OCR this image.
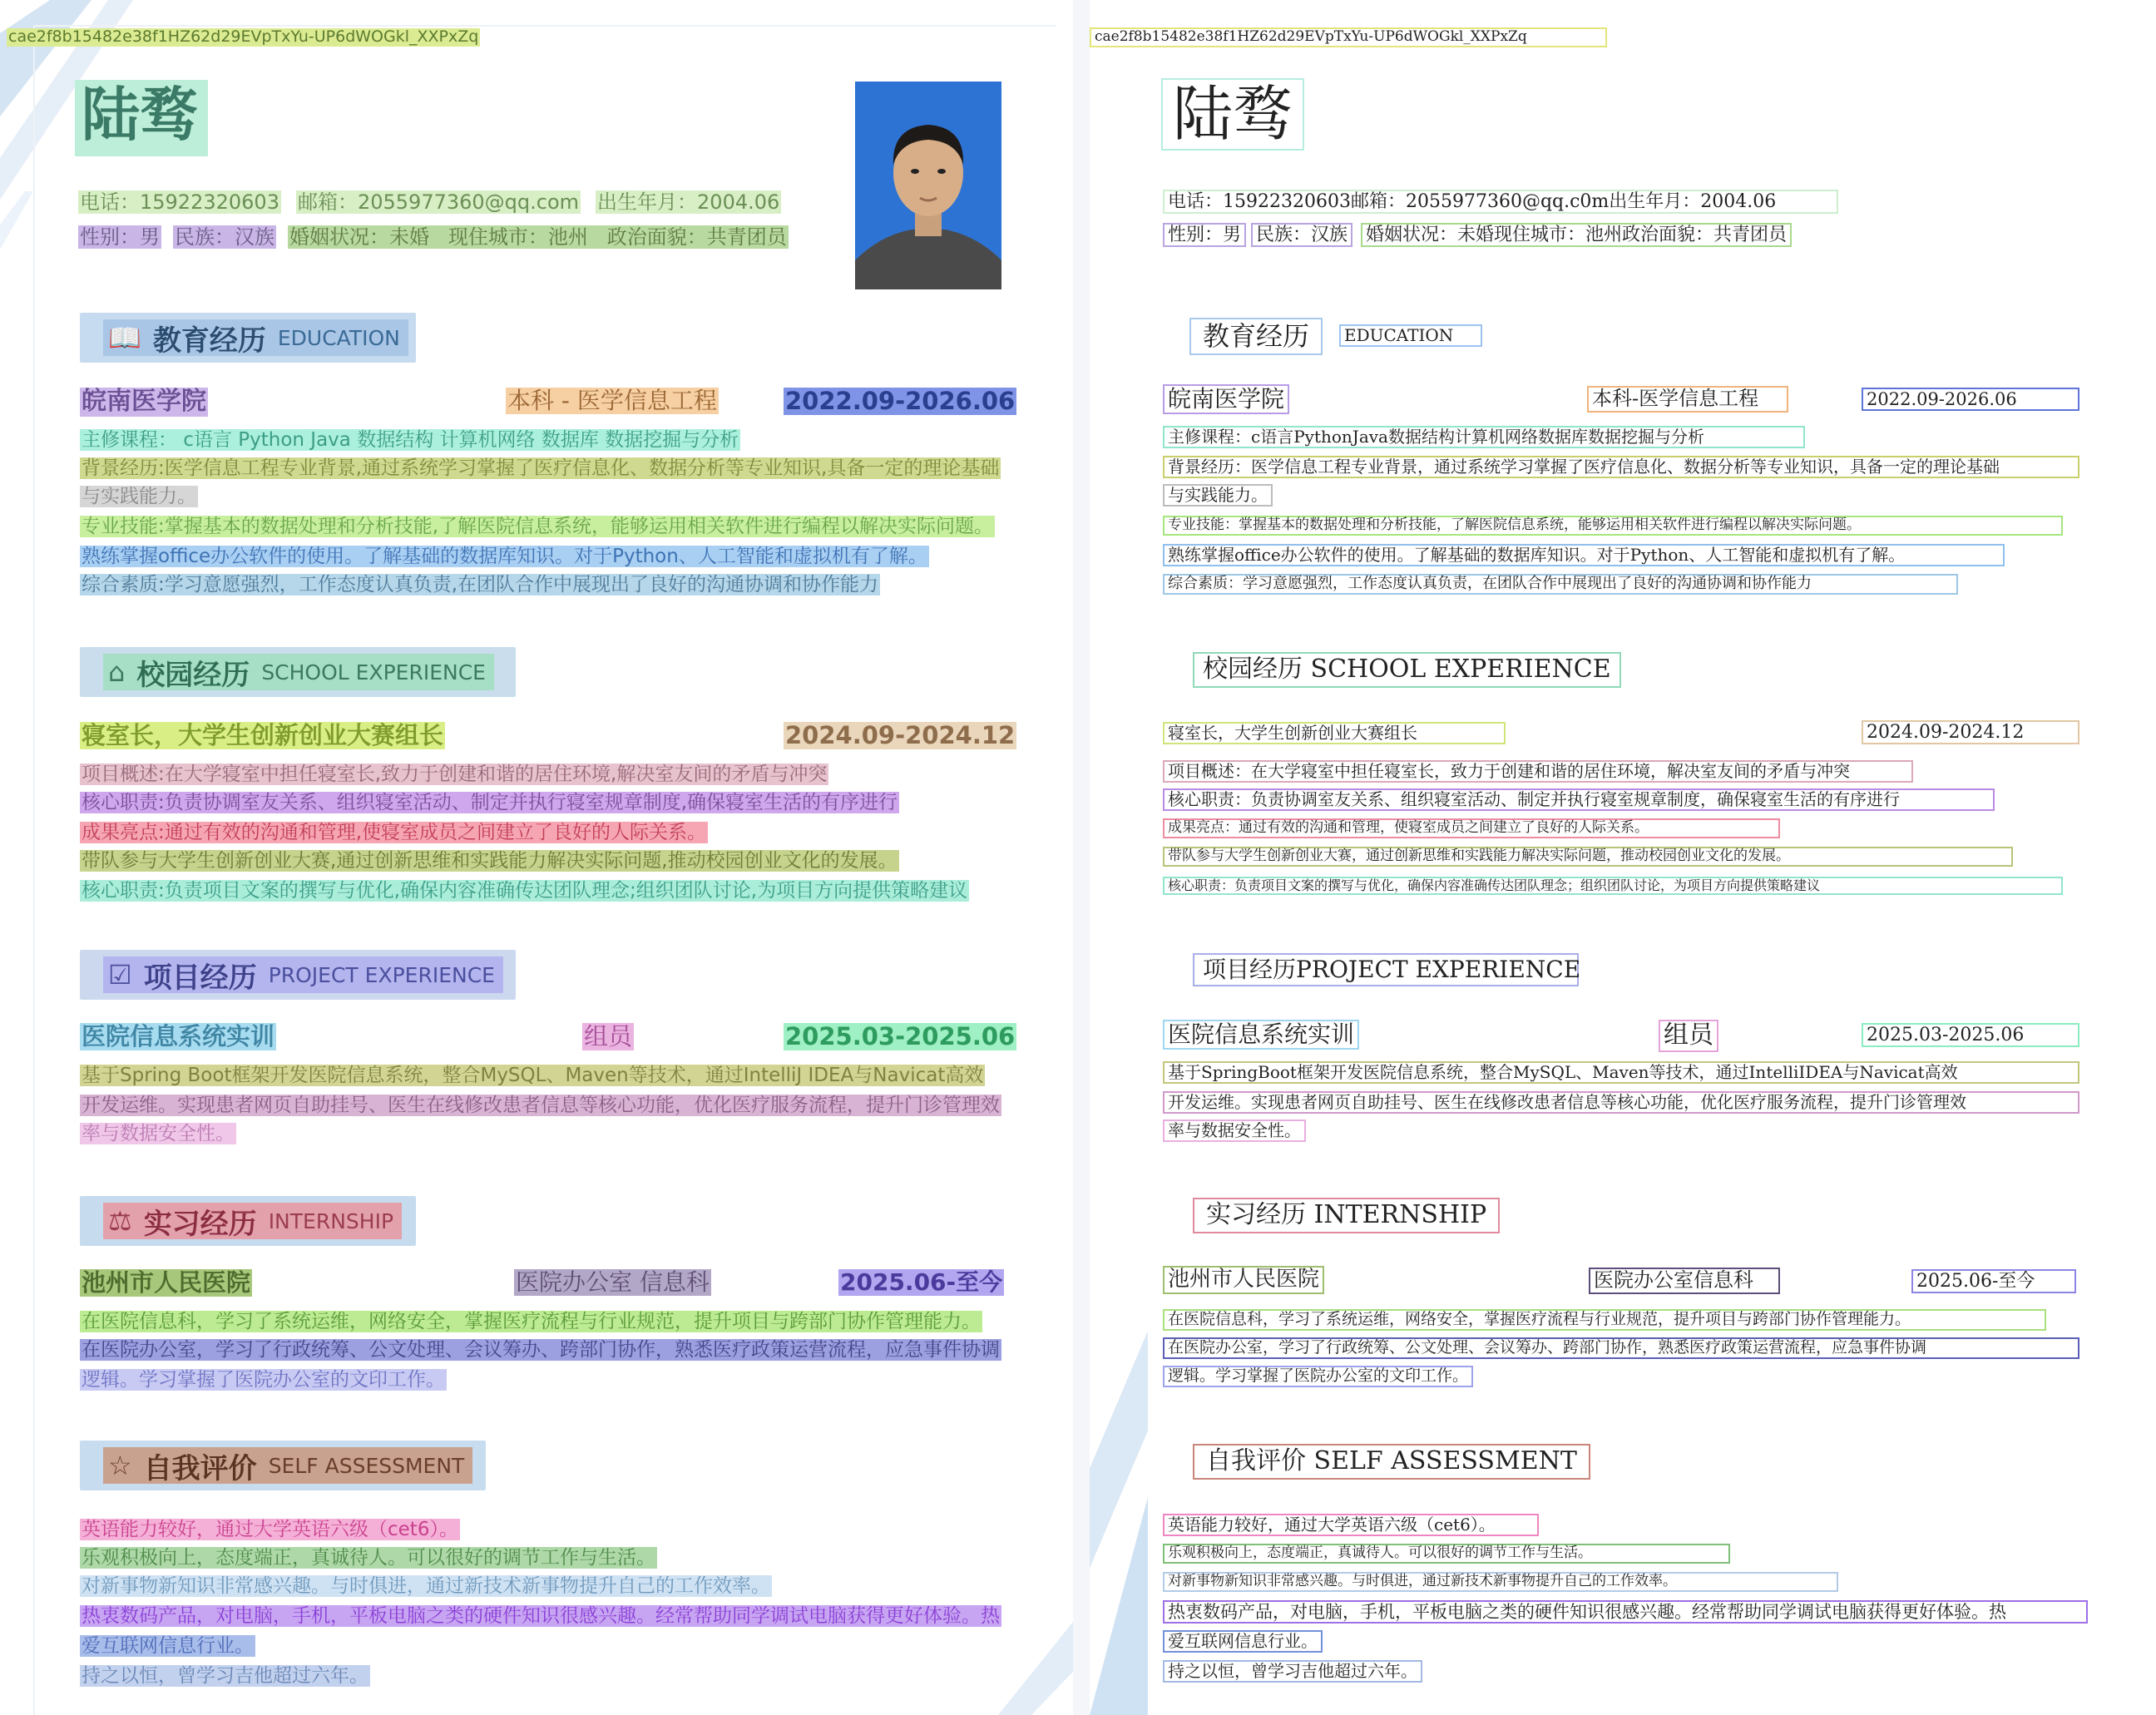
cae2f8b15482e38f1HZ62d29EVpTxYu-UP6dWOGkl_XXPxZq
陆骛
电话：15922320603 邮箱：2055977360@qq.com 出生年月：2004.06
性别：男 民族：汉族 婚姻状况：未婚 现住城市：池州 政治面貌：共青团员
📖 教育经历 EDUCATION
皖南医学院	本科 - 医学信息工程	2022.09-2026.06
主修课程： c语言 Python Java 数据结构 计算机网络 数据库 数据挖掘与分析
背景经历:医学信息工程专业背景,通过系统学习掌握了医疗信息化、数据分析等专业知识,具备一定的理论基础
与实践能力。
专业技能:掌握基本的数据处理和分析技能,了解医院信息系统，能够运用相关软件进行编程以解决实际问题。
熟练掌握office办公软件的使用。了解基础的数据库知识。对于Python、人工智能和虚拟机有了解。
综合素质:学习意愿强烈，工作态度认真负责,在团队合作中展现出了良好的沟通协调和协作能力
⌂ 校园经历 SCHOOL EXPERIENCE
寝室长，大学生创新创业大赛组长	2024.09-2024.12
项目概述:在大学寝室中担任寝室长,致力于创建和谐的居住环境,解决室友间的矛盾与冲突
核心职责:负责协调室友关系、组织寝室活动、制定并执行寝室规章制度,确保寝室生活的有序进行
成果亮点:通过有效的沟通和管理,使寝室成员之间建立了良好的人际关系。
带队参与大学生创新创业大赛,通过创新思维和实践能力解决实际问题,推动校园创业文化的发展。
核心职责:负责项目文案的撰写与优化,确保内容准确传达团队理念;组织团队讨论,为项目方向提供策略建议
☑ 项目经历 PROJECT EXPERIENCE
医院信息系统实训	组员	2025.03-2025.06
基于Spring Boot框架开发医院信息系统，整合MySQL、Maven等技术，通过IntelliJ IDEA与Navicat高效
开发运维。实现患者网页自助挂号、医生在线修改患者信息等核心功能，优化医疗服务流程，提升门诊管理效
率与数据安全性。
⚖ 实习经历 INTERNSHIP
池州市人民医院	医院办公室 信息科	2025.06-至今
在医院信息科，学习了系统运维，网络安全，掌握医疗流程与行业规范，提升项目与跨部门协作管理能力。
在医院办公室，学习了行政统筹、公文处理、会议筹办、跨部门协作，熟悉医疗政策运营流程，应急事件协调
逻辑。学习掌握了医院办公室的文印工作。
☆ 自我评价 SELF ASSESSMENT
英语能力较好，通过大学英语六级（cet6）。
乐观积极向上，态度端正，真诚待人。可以很好的调节工作与生活。
对新事物新知识非常感兴趣。与时俱进，通过新技术新事物提升自己的工作效率。
热衷数码产品，对电脑，手机，平板电脑之类的硬件知识很感兴趣。经常帮助同学调试电脑获得更好体验。热
爱互联网信息行业。
持之以恒，曾学习吉他超过六年。
cae2f8b15482e38f1HZ62d29EVpTxYu-UP6dWOGkl_XXPxZq
陆骛
电话：15922320603邮箱：2055977360@qq.c0m出生年月：2004.06
性别：男 民族：汉族 婚姻状况：未婚现住城市：池州政治面貌：共青团员
教育经历	EDUCATION
皖南医学院	本科-医学信息工程	2022.09-2026.06
主修课程：c语言PythonJava数据结构计算机网络数据库数据挖掘与分析
背景经历：医学信息工程专业背景，通过系统学习掌握了医疗信息化、数据分析等专业知识，具备一定的理论基础
与实践能力。
专业技能：掌握基本的数据处理和分析技能，了解医院信息系统，能够运用相关软件进行编程以解决实际问题。
熟练掌握office办公软件的使用。了解基础的数据库知识。对于Python、人工智能和虚拟机有了解。
综合素质：学习意愿强烈，工作态度认真负责，在团队合作中展现出了良好的沟通协调和协作能力
校园经历 SCHOOL EXPERIENCE
寝室长，大学生创新创业大赛组长	2024.09-2024.12
项目概述：在大学寝室中担任寝室长，致力于创建和谐的居住环境，解决室友间的矛盾与冲突
核心职责：负责协调室友关系、组织寝室活动、制定并执行寝室规章制度，确保寝室生活的有序进行
成果亮点：通过有效的沟通和管理，使寝室成员之间建立了良好的人际关系。
带队参与大学生创新创业大赛，通过创新思维和实践能力解决实际问题，推动校园创业文化的发展。
核心职责：负责项目文案的撰写与优化，确保内容准确传达团队理念；组织团队讨论，为项目方向提供策略建议
项目经历PROJECT EXPERIENCE
医院信息系统实训	组员	2025.03-2025.06
基于SpringBoot框架开发医院信息系统，整合MySQL、Maven等技术，通过IntelliIDEA与Navicat高效
开发运维。实现患者网页自助挂号、医生在线修改患者信息等核心功能，优化医疗服务流程，提升门诊管理效
率与数据安全性。
实习经历 INTERNSHIP
池州市人民医院	医院办公室信息科	2025.06-至今
在医院信息科，学习了系统运维，网络安全，掌握医疗流程与行业规范，提升项目与跨部门协作管理能力。
在医院办公室，学习了行政统筹、公文处理、会议筹办、跨部门协作，熟悉医疗政策运营流程，应急事件协调
逻辑。学习掌握了医院办公室的文印工作。
自我评价 SELF ASSESSMENT
英语能力较好，通过大学英语六级（cet6）。
乐观积极向上，态度端正，真诚待人。可以很好的调节工作与生活。
对新事物新知识非常感兴趣。与时俱进，通过新技术新事物提升自己的工作效率。
热衷数码产品，对电脑，手机，平板电脑之类的硬件知识很感兴趣。经常帮助同学调试电脑获得更好体验。热
爱互联网信息行业。
持之以恒，曾学习吉他超过六年。
